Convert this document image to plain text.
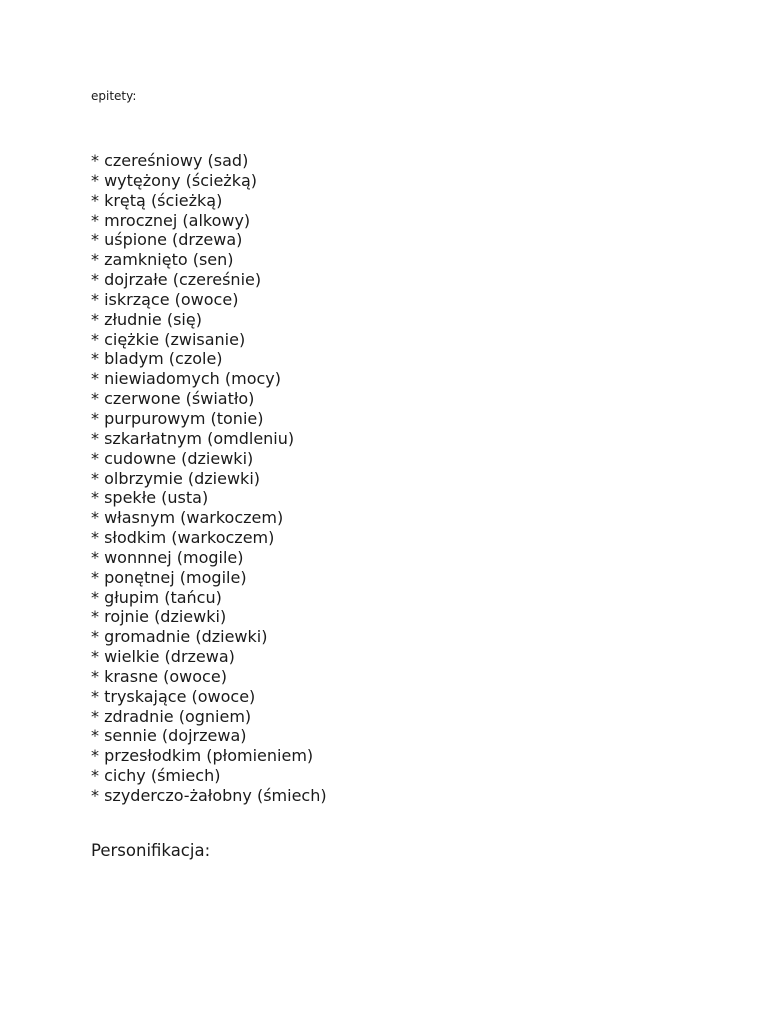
epitety:

* czereśniowy (sad)
* wytężony (ścieżką)
* krętą (ścieżką)
* mrocznej (alkowy)
* uśpione (drzewa)
* zamknięto (sen)
* dojrzałe (czereśnie)
* iskrzące (owoce)
* złudnie (się)
* ciężkie (zwisanie)
* bladym (czole)
* niewiadomych (mocy)
* czerwone (światło)
* purpurowym (tonie)
* szkarłatnym (omdleniu)
* cudowne (dziewki)
* olbrzymie (dziewki)
* spekłe (usta)
* własnym (warkoczem)
* słodkim (warkoczem)
* wonnnej (mogile)
* ponętnej (mogile)
* głupim (tańcu)
* rojnie (dziewki)
* gromadnie (dziewki)
* wielkie (drzewa)
* krasne (owoce)
* tryskające (owoce)
* zdradnie (ogniem)
* sennie (dojrzewa)
* przesłodkim (płomieniem)
* cichy (śmiech)
* szyderczo-żałobny (śmiech)

Personifikacja:
